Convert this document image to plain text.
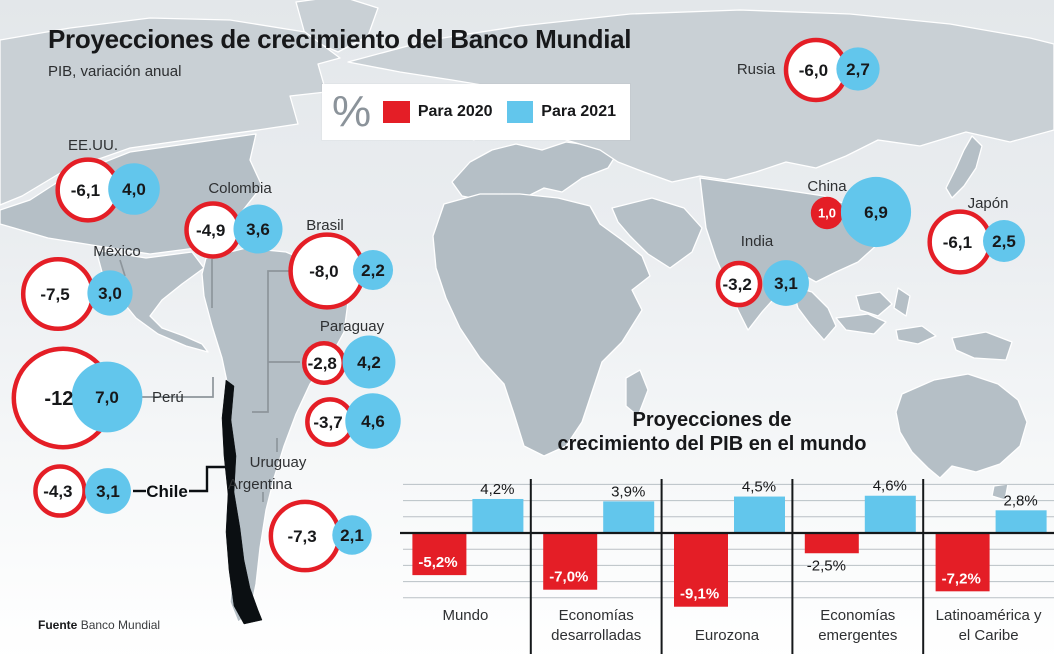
-6,1 4,0
EE.UU.
-7,5 3,0
México
-4,9 3,6
Colombia
-8,0 2,2
Brasil
-2,8 4,2
Paraguay
-12 7,0 Perú
-3,7 4,6
Uruguay
-4,3 3,1 Chile
-7,3 2,1
Argentina
-6,0 2,7
Rusia
1,0 6,9
China
-3,2 3,1
India	-6,1 2,5
Japón
Proyecciones de crecimiento del Banco Mundial
PIB, variación anual
%	Para 2020	Para 2021
Proyecciones de
crecimiento del PIB en el mundo
-5,2%
4,2%
Mundo
-7,0%
3,9%
Economías
desarrolladas
-9,1%
4,5%
Eurozona
-2,5%
4,6%
Economías
emergentes
-7,2%
2,8%
Latinoamérica y
el Caribe
Fuente Banco Mundial
